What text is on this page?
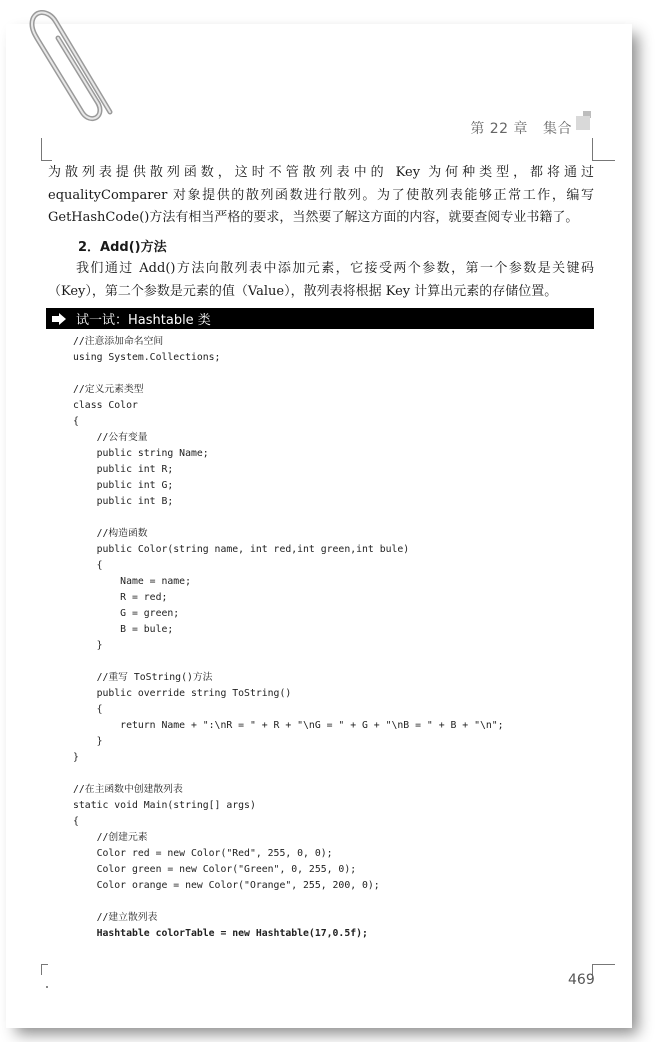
第 22 章 集合
为散列表提供散列函数，这时不管散列表中的 Key 为何种类型，都将通过 equalityComparer 对象提供的散列函数进行散列。为了使散列表能够正常工作，编写 GetHashCode()方法有相当严格的要求，当然要了解这方面的内容，就要查阅专业书籍了。
2．Add()方法
我们通过 Add()方法向散列表中添加元素，它接受两个参数，第一个参数是关键码（Key），第二个参数是元素的值（Value），散列表将根据 Key 计算出元素的存储位置。
试一试：Hashtable 类
//注意添加命名空间
using System.Collections;
//定义元素类型
class Color
{
//公有变量
public string Name;
public int R;
public int G;
public int B;
//构造函数
public Color(string name, int red,int green,int bule)
{
Name = name;
R = red;
G = green;
B = bule;
}
//重写 ToString()方法
public override string ToString()
{
return Name + ":\nR = " + R + "\nG = " + G + "\nB = " + B + "\n";
}
}
//在主函数中创建散列表
static void Main(string[] args)
{
//创建元素
Color red = new Color("Red", 255, 0, 0);
Color green = new Color("Green", 0, 255, 0);
Color orange = new Color("Orange", 255, 200, 0);
//建立散列表
Hashtable colorTable = new Hashtable(17,0.5f);
469
